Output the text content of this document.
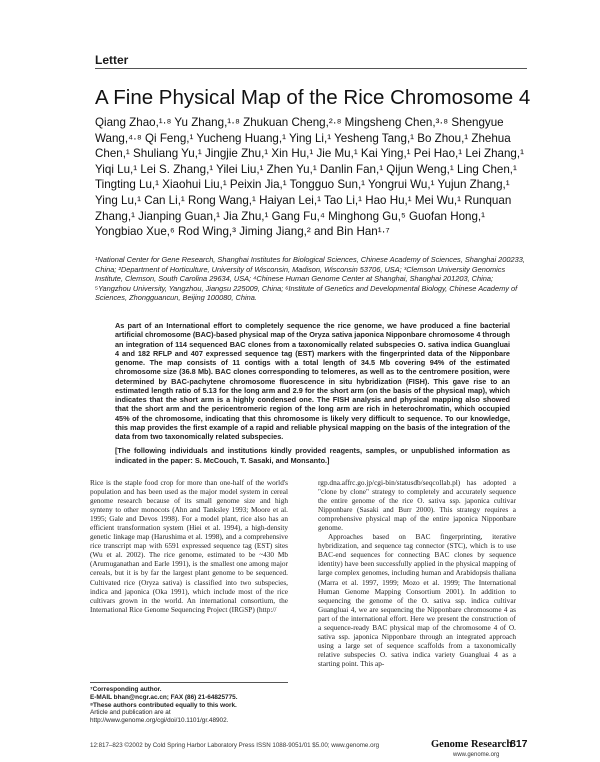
Letter
A Fine Physical Map of the Rice Chromosome 4
Qiang Zhao,¹·⁸ Yu Zhang,¹·⁸ Zhukuan Cheng,²·⁸ Mingsheng Chen,³·⁸ Shengyue Wang,⁴·⁸ Qi Feng,¹ Yucheng Huang,¹ Ying Li,¹ Yesheng Tang,¹ Bo Zhou,¹ Zhehua Chen,¹ Shuliang Yu,¹ Jingjie Zhu,¹ Xin Hu,¹ Jie Mu,¹ Kai Ying,¹ Pei Hao,¹ Lei Zhang,¹ Yiqi Lu,¹ Lei S. Zhang,¹ Yilei Liu,¹ Zhen Yu,¹ Danlin Fan,¹ Qijun Weng,¹ Ling Chen,¹ Tingting Lu,¹ Xiaohui Liu,¹ Peixin Jia,¹ Tongguo Sun,¹ Yongrui Wu,¹ Yujun Zhang,¹ Ying Lu,¹ Can Li,¹ Rong Wang,¹ Haiyan Lei,¹ Tao Li,¹ Hao Hu,¹ Mei Wu,¹ Runquan Zhang,¹ Jianping Guan,¹ Jia Zhu,¹ Gang Fu,⁴ Minghong Gu,⁵ Guofan Hong,¹ Yongbiao Xue,⁶ Rod Wing,³ Jiming Jiang,² and Bin Han¹·⁷
¹National Center for Gene Research, Shanghai Institutes for Biological Sciences, Chinese Academy of Sciences, Shanghai 200233, China; ²Department of Horticulture, University of Wisconsin, Madison, Wisconsin 53706, USA; ³Clemson University Genomics Institute, Clemson, South Carolina 29634, USA; ⁴Chinese Human Genome Center at Shanghai, Shanghai 201203, China; ⁵Yangzhou University, Yangzhou, Jiangsu 225009, China; ⁶Institute of Genetics and Developmental Biology, Chinese Academy of Sciences, Zhongguancun, Beijing 100080, China.

As part of an International effort to completely sequence the rice genome, we have produced a fine bacterial artificial chromosome (BAC)-based physical map of the Oryza sativa japonica Nipponbare chromosome 4 through an integration of 114 sequenced BAC clones from a taxonomically related subspecies O. sativa indica Guangluai 4 and 182 RFLP and 407 expressed sequence tag (EST) markers with the fingerprinted data of the Nipponbare genome. The map consists of 11 contigs with a total length of 34.5 Mb covering 94% of the estimated chromosome size (36.8 Mb). BAC clones corresponding to telomeres, as well as to the centromere position, were determined by BAC-pachytene chromosome fluorescence in situ hybridization (FISH). This gave rise to an estimated length ratio of 5.13 for the long arm and 2.9 for the short arm (on the basis of the physical map), which indicates that the short arm is a highly condensed one. The FISH analysis and physical mapping also showed that the short arm and the pericentromeric region of the long arm are rich in heterochromatin, which occupied 45% of the chromosome, indicating that this chromosome is likely very difficult to sequence. To our knowledge, this map provides the first example of a rapid and reliable physical mapping on the basis of the integration of the data from two taxonomically related subspecies.

[The following individuals and institutions kindly provided reagents, samples, or unpublished information as indicated in the paper: S. McCouch, T. Sasaki, and Monsanto.]

Rice is the staple food crop for more than one-half of the world's population and has been used as the major model system in cereal genome research because of its small genome size and high synteny to other monocots (Ahn and Tanksley 1993; Moore et al. 1995; Gale and Devos 1998). For a model plant, rice also has an efficient transformation system (Hiei et al. 1994), a high-density genetic linkage map (Harushima et al. 1998), and a comprehensive rice transcript map with 6591 expressed sequence tag (EST) sites (Wu et al. 2002). The rice genome, estimated to be ~430 Mb (Arumuganathan and Earle 1991), is the smallest one among major cereals, but it is by far the largest plant genome to be sequenced. Cultivated rice (Oryza sativa) is classified into two subspecies, indica and japonica (Oka 1991), which include most of the rice cultivars grown in the world. An international consortium, the International Rice Genome Sequencing Project (IRGSP) (http://

rgp.dna.affrc.go.jp/cgi-bin/statusdb/seqcollab.pl) has adopted a "clone by clone" strategy to completely and accurately sequence the entire genome of the rice O. sativa ssp. japonica cultivar Nipponbare (Sasaki and Burr 2000). This strategy requires a comprehensive physical map of the entire japonica Nipponbare genome.

Approaches based on BAC fingerprinting, iterative hybridization, and sequence tag connector (STC), which is to use BAC-end sequences for connecting BAC clones by sequence identity) have been successfully applied in the physical mapping of large complex genomes, including human and Arabidopsis thaliana (Marra et al. 1997, 1999; Mozo et al. 1999; The International Human Genome Mapping Consortium 2001). In addition to sequencing the genome of the O. sativa ssp. indica cultivar Guangluai 4, we are sequencing the Nipponbare chromosome 4 as part of the international effort. Here we present the construction of a sequence-ready BAC physical map of the chromosome 4 of O. sativa ssp. japonica Nipponbare through an integrated approach using a large set of sequence scaffolds from a taxonomically relative subspecies O. sativa indica variety Guangluai 4 as a starting point. This ap-

⁷Corresponding author.

E-MAIL bhan@ncgr.ac.cn; FAX (86) 21-64825775.

⁸These authors contributed equally to this work.

Article and publication are at http://www.genome.org/cgi/doi/10.1101/gr.48902.

12:817–823 ©2002 by Cold Spring Harbor Laboratory Press ISSN 1088-9051/01 $5.00; www.genome.org	Genome Research
817
www.genome.org
